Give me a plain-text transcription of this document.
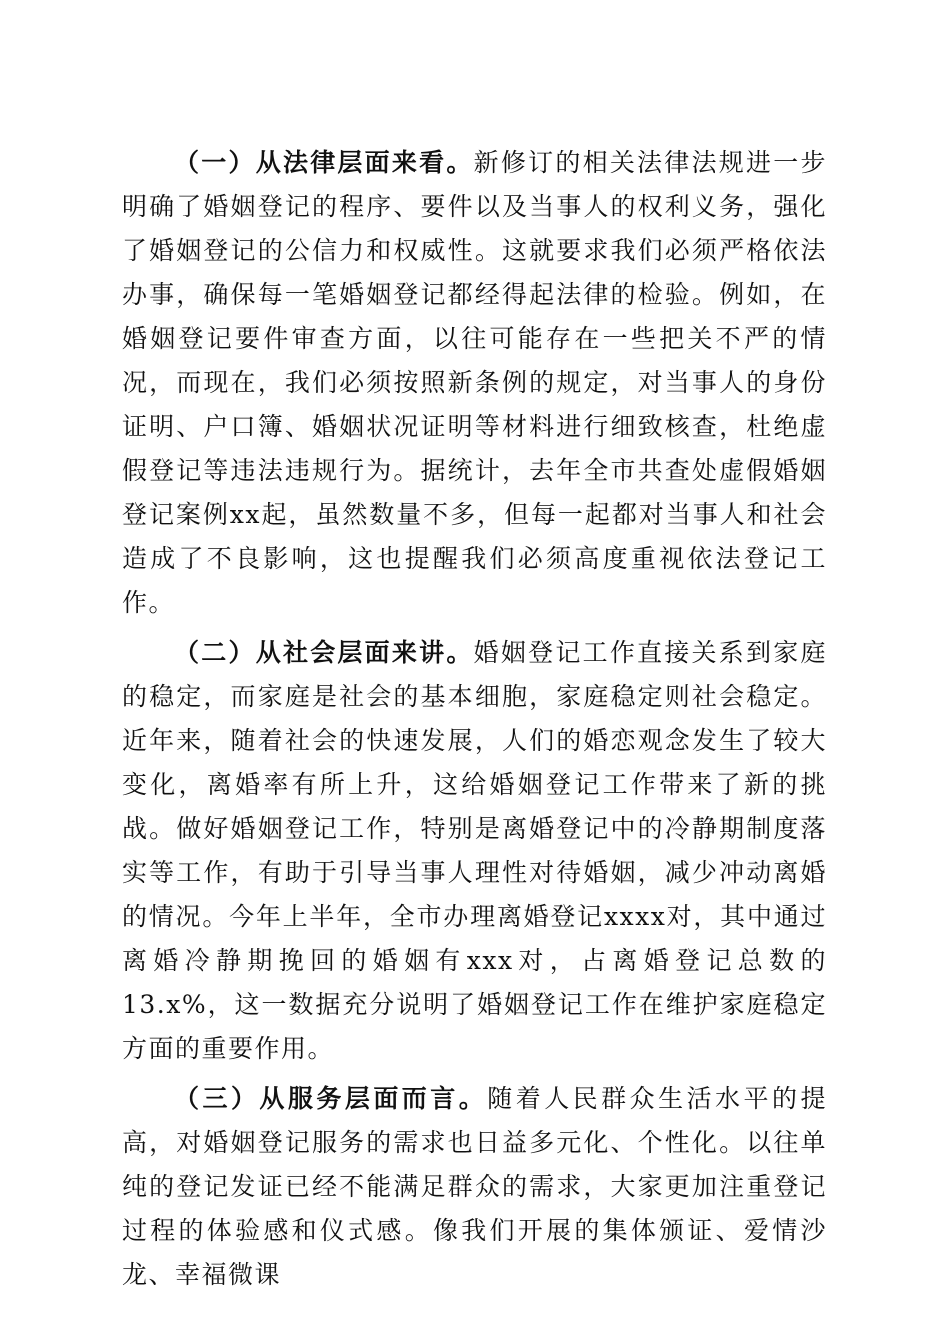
（一）从法律层面来看。新修订的相关法律法规进一步明确了婚姻登记的程序、要件以及当事人的权利义务，强化了婚姻登记的公信力和权威性。这就要求我们必须严格依法办事，确保每一笔婚姻登记都经得起法律的检验。例如，在婚姻登记要件审查方面，以往可能存在一些把关不严的情况，而现在，我们必须按照新条例的规定，对当事人的身份证明、户口簿、婚姻状况证明等材料进行细致核查，杜绝虚假登记等违法违规行为。据统计，去年全市共查处虚假婚姻登记案例xx起，虽然数量不多，但每一起都对当事人和社会造成了不良影响，这也提醒我们必须高度重视依法登记工作。

（二）从社会层面来讲。婚姻登记工作直接关系到家庭的稳定，而家庭是社会的基本细胞，家庭稳定则社会稳定。近年来，随着社会的快速发展，人们的婚恋观念发生了较大变化，离婚率有所上升，这给婚姻登记工作带来了新的挑战。做好婚姻登记工作，特别是离婚登记中的冷静期制度落实等工作，有助于引导当事人理性对待婚姻，减少冲动离婚的情况。今年上半年，全市办理离婚登记xxxx对，其中通过离婚冷静期挽回的婚姻有xxx对，占离婚登记总数的13.x%，这一数据充分说明了婚姻登记工作在维护家庭稳定方面的重要作用。

（三）从服务层面而言。随着人民群众生活水平的提高，对婚姻登记服务的需求也日益多元化、个性化。以往单纯的登记发证已经不能满足群众的需求，大家更加注重登记过程的体验感和仪式感。像我们开展的集体颁证、爱情沙龙、幸福微课
